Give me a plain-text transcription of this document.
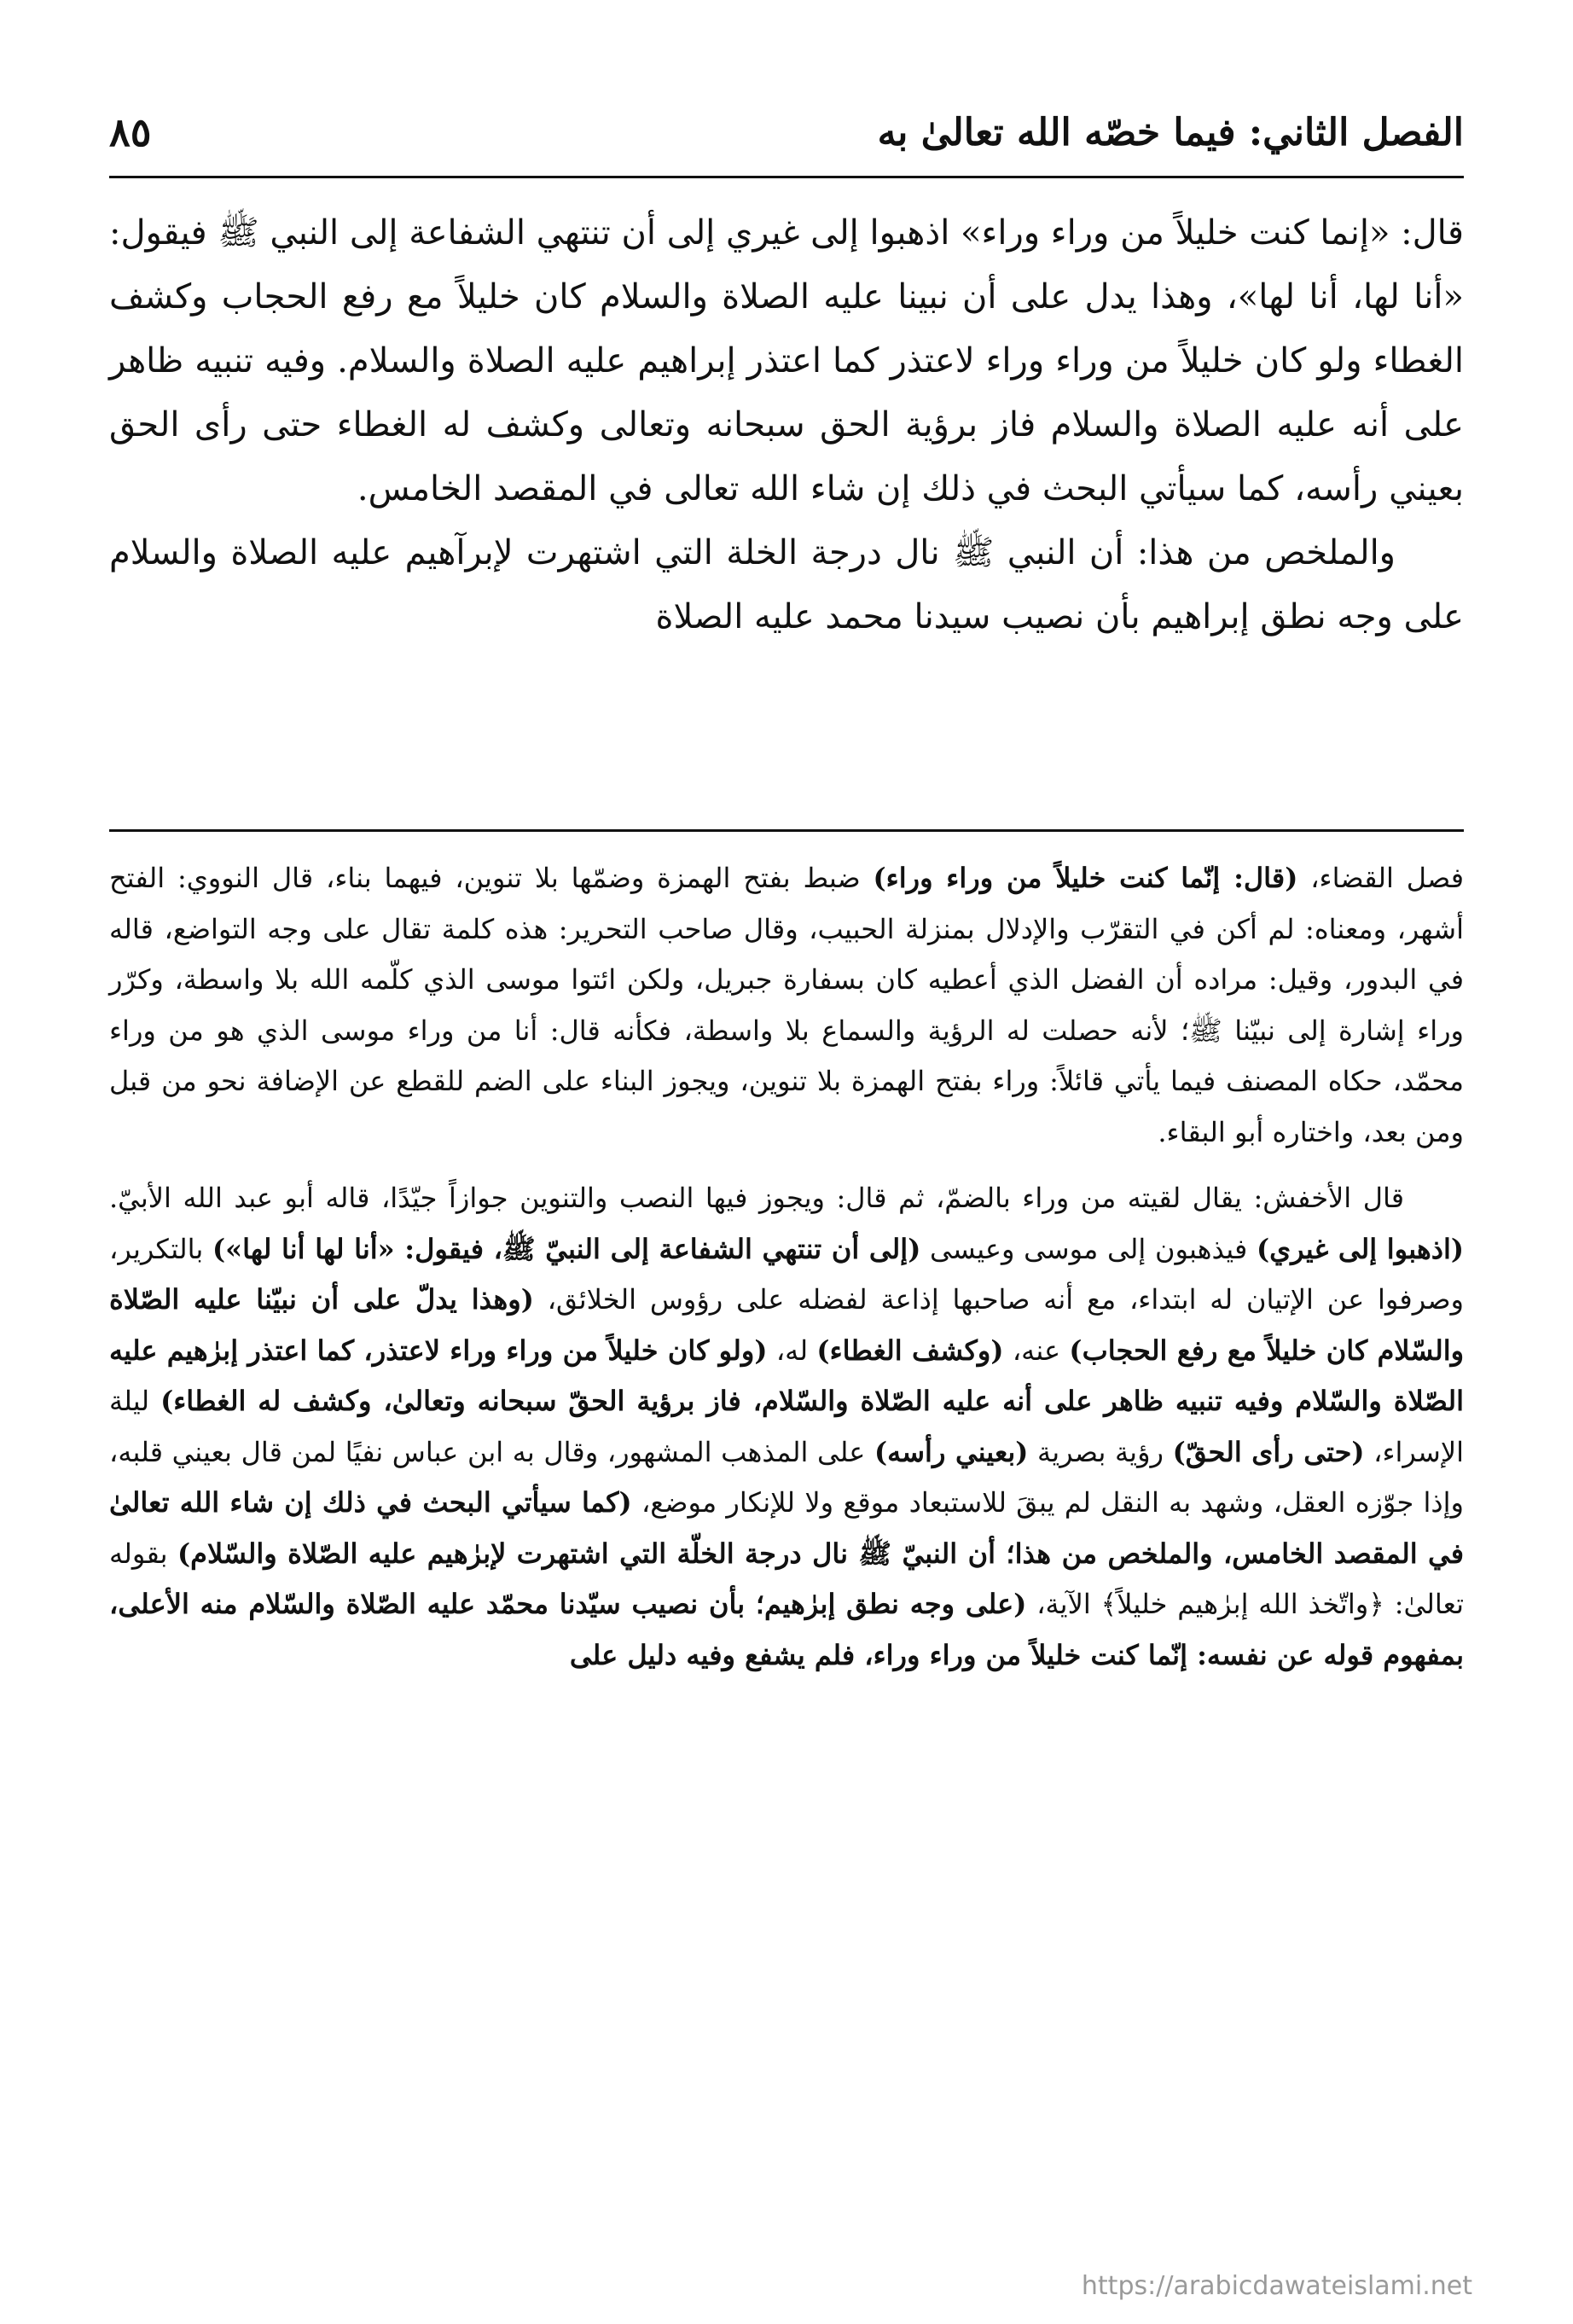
الفصل الثاني: فيما خصّه الله تعالىٰ به
٨٥

قال: «إنما كنت خليلاً من وراء وراء» اذهبوا إلى غيري إلى أن تنتهي الشفاعة إلى النبي ﷺ فيقول: «أنا لها، أنا لها»، وهذا يدل على أن نبينا عليه الصلاة والسلام كان خليلاً مع رفع الحجاب وكشف الغطاء ولو كان خليلاً من وراء وراء لاعتذر كما اعتذر إبراهيم عليه الصلاة والسلام. وفيه تنبيه ظاهر على أنه عليه الصلاة والسلام فاز برؤية الحق سبحانه وتعالى وكشف له الغطاء حتى رأى الحق بعيني رأسه، كما سيأتي البحث في ذلك إن شاء الله تعالى في المقصد الخامس.

والملخص من هذا: أن النبي ﷺ نال درجة الخلة التي اشتهرت لإبرآهيم عليه الصلاة والسلام على وجه نطق إبراهيم بأن نصيب سيدنا محمد عليه الصلاة

فصل القضاء، (قال: إنّما كنت خليلاً من وراء وراء) ضبط بفتح الهمزة وضمّها بلا تنوين، فيهما بناء، قال النووي: الفتح أشهر، ومعناه: لم أكن في التقرّب والإدلال بمنزلة الحبيب، وقال صاحب التحرير: هذه كلمة تقال على وجه التواضع، قاله في البدور، وقيل: مراده أن الفضل الذي أعطيه كان بسفارة جبريل، ولكن ائتوا موسى الذي كلّمه الله بلا واسطة، وكرّر وراء إشارة إلى نبيّنا ﷺ؛ لأنه حصلت له الرؤية والسماع بلا واسطة، فكأنه قال: أنا من وراء موسى الذي هو من وراء محمّد، حكاه المصنف فيما يأتي قائلاً: وراء بفتح الهمزة بلا تنوين، ويجوز البناء على الضم للقطع عن الإضافة نحو من قبل ومن بعد، واختاره أبو البقاء.

قال الأخفش: يقال لقيته من وراء بالضمّ، ثم قال: ويجوز فيها النصب والتنوين جوازاً جيّدًا، قاله أبو عبد الله الأبيّ. (اذهبوا إلى غيري) فيذهبون إلى موسى وعيسى (إلى أن تنتهي الشفاعة إلى النبيّ ﷺ، فيقول: «أنا لها أنا لها») بالتكرير، وصرفوا عن الإتيان له ابتداء، مع أنه صاحبها إذاعة لفضله على رؤوس الخلائق، (وهذا يدلّ على أن نبيّنا عليه الصّلاة والسّلام كان خليلاً مع رفع الحجاب) عنه، (وكشف الغطاء) له، (ولو كان خليلاً من وراء وراء لاعتذر، كما اعتذر إبرٰهيم عليه الصّلاة والسّلام وفيه تنبيه ظاهر على أنه عليه الصّلاة والسّلام، فاز برؤية الحقّ سبحانه وتعالىٰ، وكشف له الغطاء) ليلة الإسراء، (حتى رأى الحقّ) رؤية بصرية (بعيني رأسه) على المذهب المشهور، وقال به ابن عباس نفيًا لمن قال بعيني قلبه، وإذا جوّزه العقل، وشهد به النقل لم يبقَ للاستبعاد موقع ولا للإنكار موضع، (كما سيأتي البحث في ذلك إن شاء الله تعالىٰ في المقصد الخامس، والملخص من هذا؛ أن النبيّ ﷺ نال درجة الخلّة التي اشتهرت لإبرٰهيم عليه الصّلاة والسّلام) بقوله تعالىٰ: ﴿واتّخذ الله إبرٰهيم خليلاً﴾ الآية، (على وجه نطق إبرٰهيم؛ بأن نصيب سيّدنا محمّد عليه الصّلاة والسّلام منه الأعلى، بمفهوم قوله عن نفسه: إنّما كنت خليلاً من وراء وراء، فلم يشفع وفيه دليل على

https://arabicdawateislami.net
